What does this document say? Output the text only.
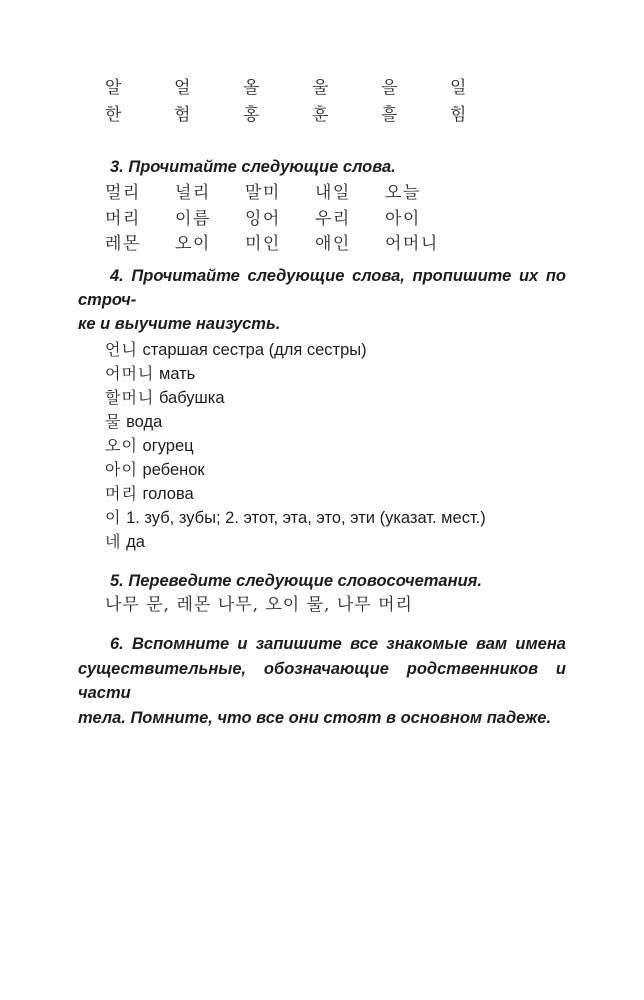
알	얼	올	울	을	일
한	험	홍	훈	흘	힘

3. Прочитайте следующие слова.

멀리	널리	말미	내일	오늘
머리	이름	잉어	우리	아이
레몬	오이	미인	애인	어머니
4. Прочитайте следующие слова, пропишите их по строч-
ке и выучите наизусть.
언니 старшая сестра (для сестры)
어머니 мать
할머니 бабушка
물 вода
오이 огурец
아이 ребенок
머리 голова
이 1. зуб, зубы; 2. этот, эта, это, эти (указат. мест.)
네 да

5. Переведите следующие словосочетания.

나무 문, 레몬 나무, 오이 물, 나무 머리
6. Вспомните и запишите все знакомые вам имена
существительные, обозначающие родственников и части
тела. Помните, что все они стоят в основном падеже.
